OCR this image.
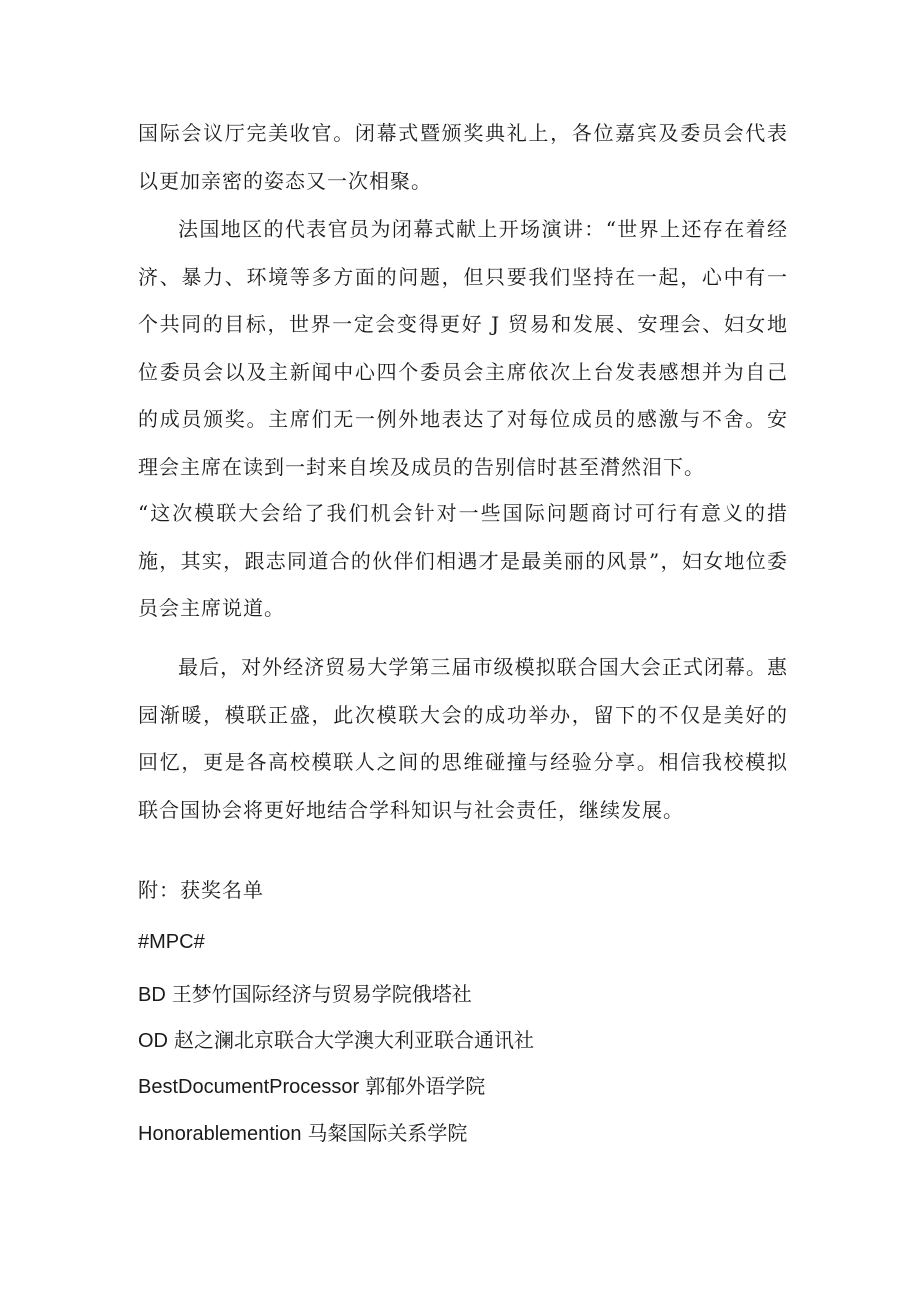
国际会议厅完美收官。闭幕式暨颁奖典礼上，各位嘉宾及委员会代表以更加亲密的姿态又一次相聚。

法国地区的代表官员为闭幕式献上开场演讲：“世界上还存在着经济、暴力、环境等多方面的问题，但只要我们坚持在一起，心中有一个共同的目标，世界一定会变得更好 J 贸易和发展、安理会、妇女地位委员会以及主新闻中心四个委员会主席依次上台发表感想并为自己的成员颁奖。主席们无一例外地表达了对每位成员的感激与不舍。安理会主席在读到一封来自埃及成员的告别信时甚至潸然泪下。

“这次模联大会给了我们机会针对一些国际问题商讨可行有意义的措施，其实，跟志同道合的伙伴们相遇才是最美丽的风景”，妇女地位委员会主席说道。

最后，对外经济贸易大学第三届市级模拟联合国大会正式闭幕。惠园渐暖，模联正盛，此次模联大会的成功举办，留下的不仅是美好的回忆，更是各高校模联人之间的思维碰撞与经验分享。相信我校模拟联合国协会将更好地结合学科知识与社会责任，继续发展。

附：获奖名单

#MPC#

BD 王梦竹国际经济与贸易学院俄塔社

OD 赵之澜北京联合大学澳大利亚联合通讯社

BestDocumentProcessor 郭郁外语学院

Honorablemention 马粲国际关系学院
